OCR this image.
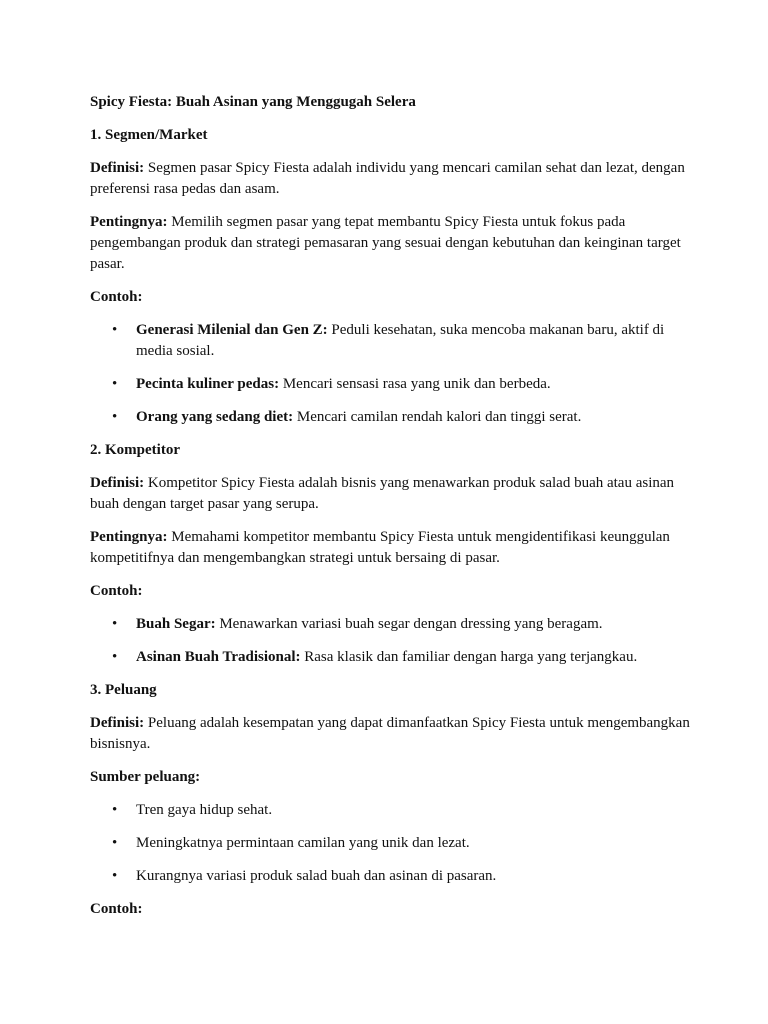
Spicy Fiesta: Buah Asinan yang Menggugah Selera

1. Segmen/Market

Definisi: Segmen pasar Spicy Fiesta adalah individu yang mencari camilan sehat dan lezat, dengan preferensi rasa pedas dan asam.

Pentingnya: Memilih segmen pasar yang tepat membantu Spicy Fiesta untuk fokus pada pengembangan produk dan strategi pemasaran yang sesuai dengan kebutuhan dan keinginan target pasar.

Contoh:

• Generasi Milenial dan Gen Z: Peduli kesehatan, suka mencoba makanan baru, aktif di media sosial.
• Pecinta kuliner pedas: Mencari sensasi rasa yang unik dan berbeda.
• Orang yang sedang diet: Mencari camilan rendah kalori dan tinggi serat.

2. Kompetitor

Definisi: Kompetitor Spicy Fiesta adalah bisnis yang menawarkan produk salad buah atau asinan buah dengan target pasar yang serupa.

Pentingnya: Memahami kompetitor membantu Spicy Fiesta untuk mengidentifikasi keunggulan kompetitifnya dan mengembangkan strategi untuk bersaing di pasar.

Contoh:

• Buah Segar: Menawarkan variasi buah segar dengan dressing yang beragam.
• Asinan Buah Tradisional: Rasa klasik dan familiar dengan harga yang terjangkau.

3. Peluang

Definisi: Peluang adalah kesempatan yang dapat dimanfaatkan Spicy Fiesta untuk mengembangkan bisnisnya.

Sumber peluang:

• Tren gaya hidup sehat.
• Meningkatnya permintaan camilan yang unik dan lezat.
• Kurangnya variasi produk salad buah dan asinan di pasaran.

Contoh:
